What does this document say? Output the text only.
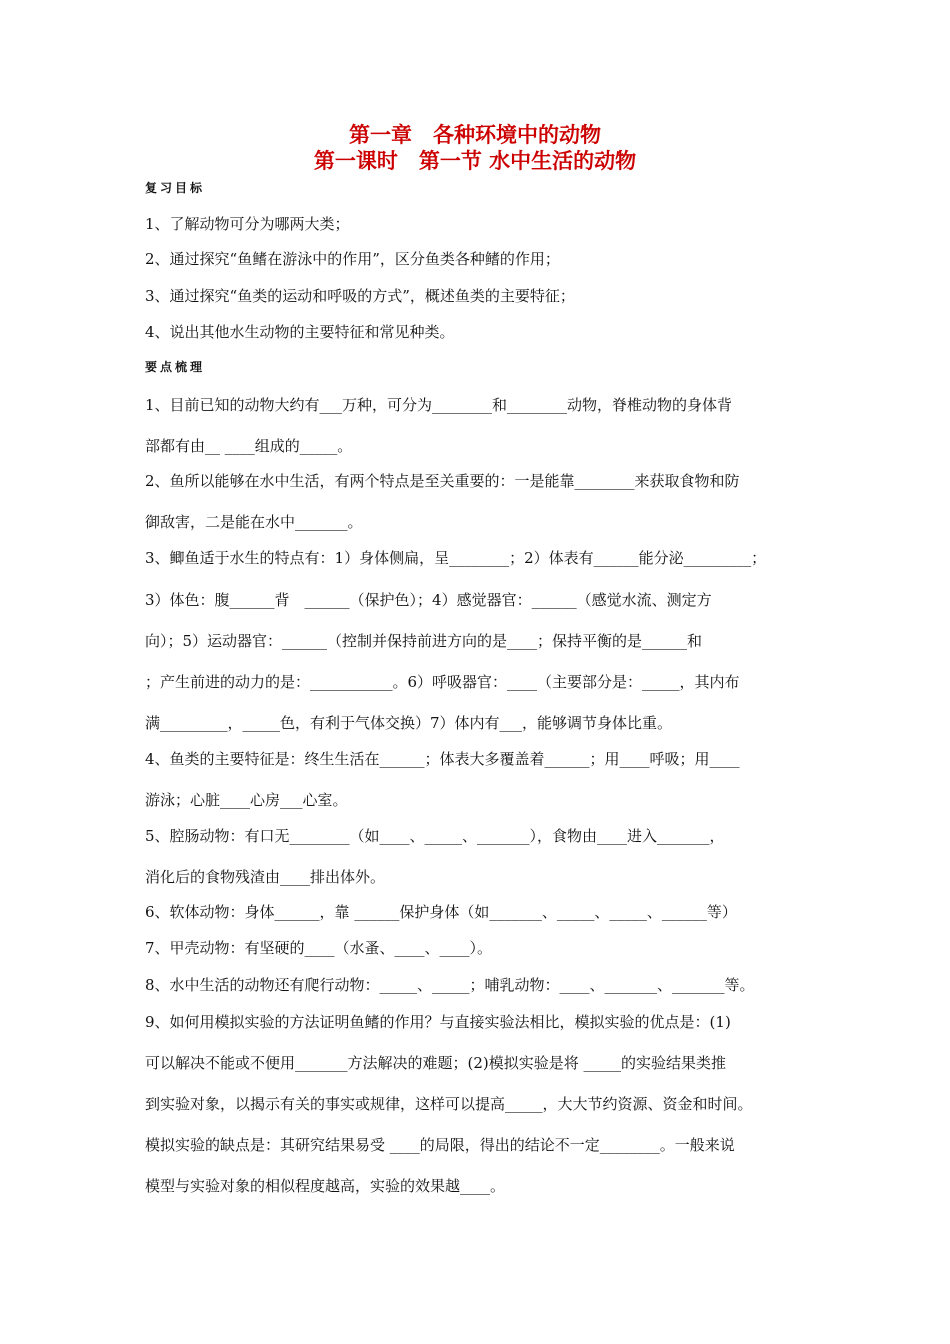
第一章　各种环境中的动物
第一课时　第一节 水中生活的动物
复习目标
1、了解动物可分为哪两大类；
2、通过探究“鱼鳍在游泳中的作用”，区分鱼类各种鳍的作用；
3、通过探究“鱼类的运动和呼吸的方式”，概述鱼类的主要特征；
4、说出其他水生动物的主要特征和常见种类。
要点梳理
1、目前已知的动物大约有___万种，可分为________和________动物，脊椎动物的身体背
部都有由__ ____组成的_____。
2、鱼所以能够在水中生活，有两个特点是至关重要的：一是能靠________来获取食物和防
御敌害，二是能在水中_______。
3、鲫鱼适于水生的特点有：1）身体侧扁，呈________；2）体表有______能分泌_________；
3）体色：腹______背　______（保护色）；4）感觉器官：______（感觉水流、测定方
向）；5）运动器官：______（控制并保持前进方向的是____；保持平衡的是______和
；产生前进的动力的是：___________。6）呼吸器官：____（主要部分是：_____，其内布
满_________，_____色，有利于气体交换）7）体内有___，能够调节身体比重。
4、鱼类的主要特征是：终生生活在______；体表大多覆盖着______；用____呼吸；用____
游泳；心脏____心房___心室。
5、腔肠动物：有口无________（如____、_____、_______），食物由____进入_______，
消化后的食物残渣由____排出体外。
6、软体动物：身体______，靠 ______保护身体（如_______、_____、_____、______等）
7、甲壳动物：有坚硬的____（水蚤、____、____）。
8、水中生活的动物还有爬行动物：_____、_____；哺乳动物：____、_______、_______等。
9、如何用模拟实验的方法证明鱼鳍的作用？与直接实验法相比，模拟实验的优点是：(1)
可以解决不能或不便用_______方法解决的难题；(2)模拟实验是将 _____的实验结果类推
到实验对象，以揭示有关的事实或规律，这样可以提高_____，大大节约资源、资金和时间。
模拟实验的缺点是：其研究结果易受 ____的局限，得出的结论不一定________。一般来说
模型与实验对象的相似程度越高，实验的效果越____。
